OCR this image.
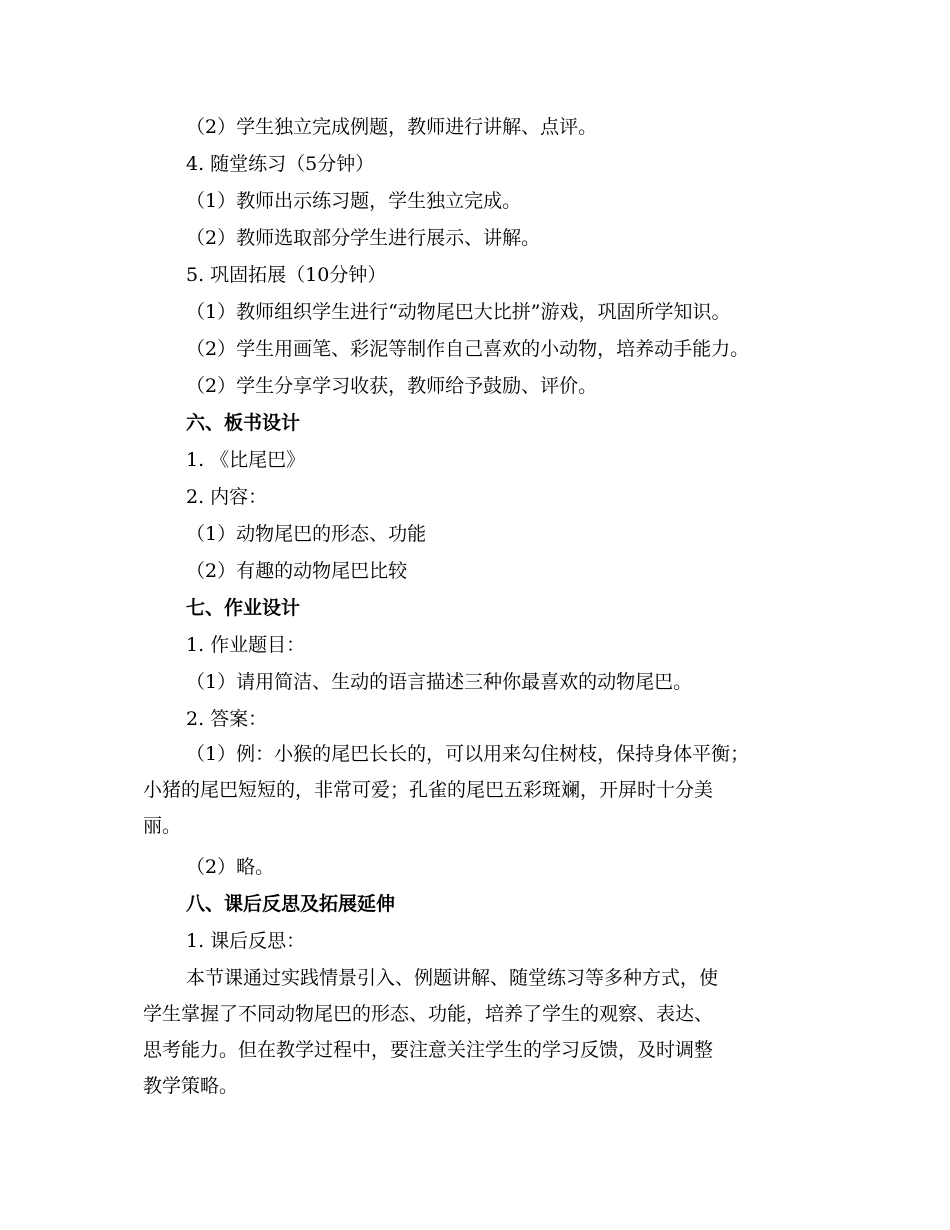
（2）学生独立完成例题，教师进行讲解、点评。
4. 随堂练习（5分钟）
（1）教师出示练习题，学生独立完成。
（2）教师选取部分学生进行展示、讲解。
5. 巩固拓展（10分钟）
（1）教师组织学生进行“动物尾巴大比拼”游戏，巩固所学知识。
（2）学生用画笔、彩泥等制作自己喜欢的小动物，培养动手能力。
（2）学生分享学习收获，教师给予鼓励、评价。
六、板书设计
1. 《比尾巴》
2. 内容：
（1）动物尾巴的形态、功能
（2）有趣的动物尾巴比较
七、作业设计
1. 作业题目：
（1）请用简洁、生动的语言描述三种你最喜欢的动物尾巴。
2. 答案：
（1）例：小猴的尾巴长长的，可以用来勾住树枝，保持身体平衡；
小猪的尾巴短短的，非常可爱；孔雀的尾巴五彩斑斓，开屏时十分美
丽。
（2）略。
八、课后反思及拓展延伸
1. 课后反思：
本节课通过实践情景引入、例题讲解、随堂练习等多种方式，使
学生掌握了不同动物尾巴的形态、功能，培养了学生的观察、表达、
思考能力。但在教学过程中，要注意关注学生的学习反馈，及时调整
教学策略。
